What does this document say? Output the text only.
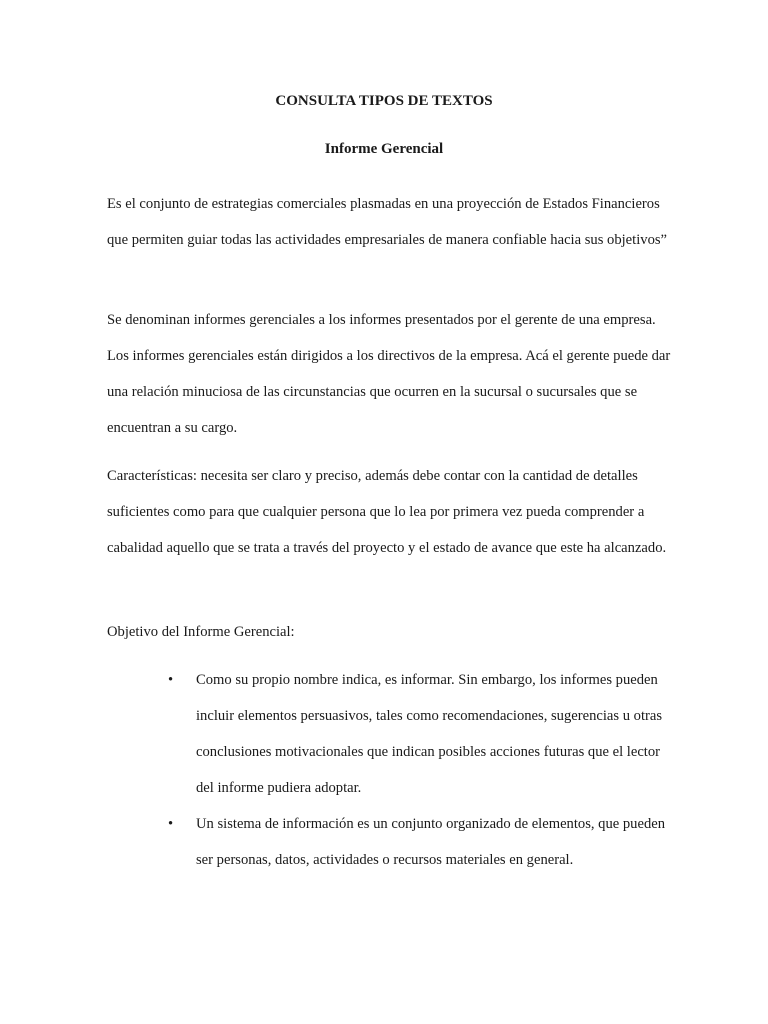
CONSULTA TIPOS DE TEXTOS
Informe Gerencial

Es el conjunto de estrategias comerciales plasmadas en una proyección de Estados Financieros que permiten guiar todas las actividades empresariales de manera confiable hacia sus objetivos”

Se denominan informes gerenciales a los informes presentados por el gerente de una empresa. Los informes gerenciales están dirigidos a los directivos de la empresa. Acá el gerente puede dar una relación minuciosa de las circunstancias que ocurren en la sucursal o sucursales que se encuentran a su cargo.

Características: necesita ser claro y preciso, además debe contar con la cantidad de detalles suficientes como para que cualquier persona que lo lea por primera vez pueda comprender a cabalidad aquello que se trata a través del proyecto y el estado de avance que este ha alcanzado.

Objetivo del Informe Gerencial:

• Como su propio nombre indica, es informar. Sin embargo, los informes pueden incluir elementos persuasivos, tales como recomendaciones, sugerencias u otras conclusiones motivacionales que indican posibles acciones futuras que el lector del informe pudiera adoptar.
• Un sistema de información es un conjunto organizado de elementos, que pueden ser personas, datos, actividades o recursos materiales en general.
